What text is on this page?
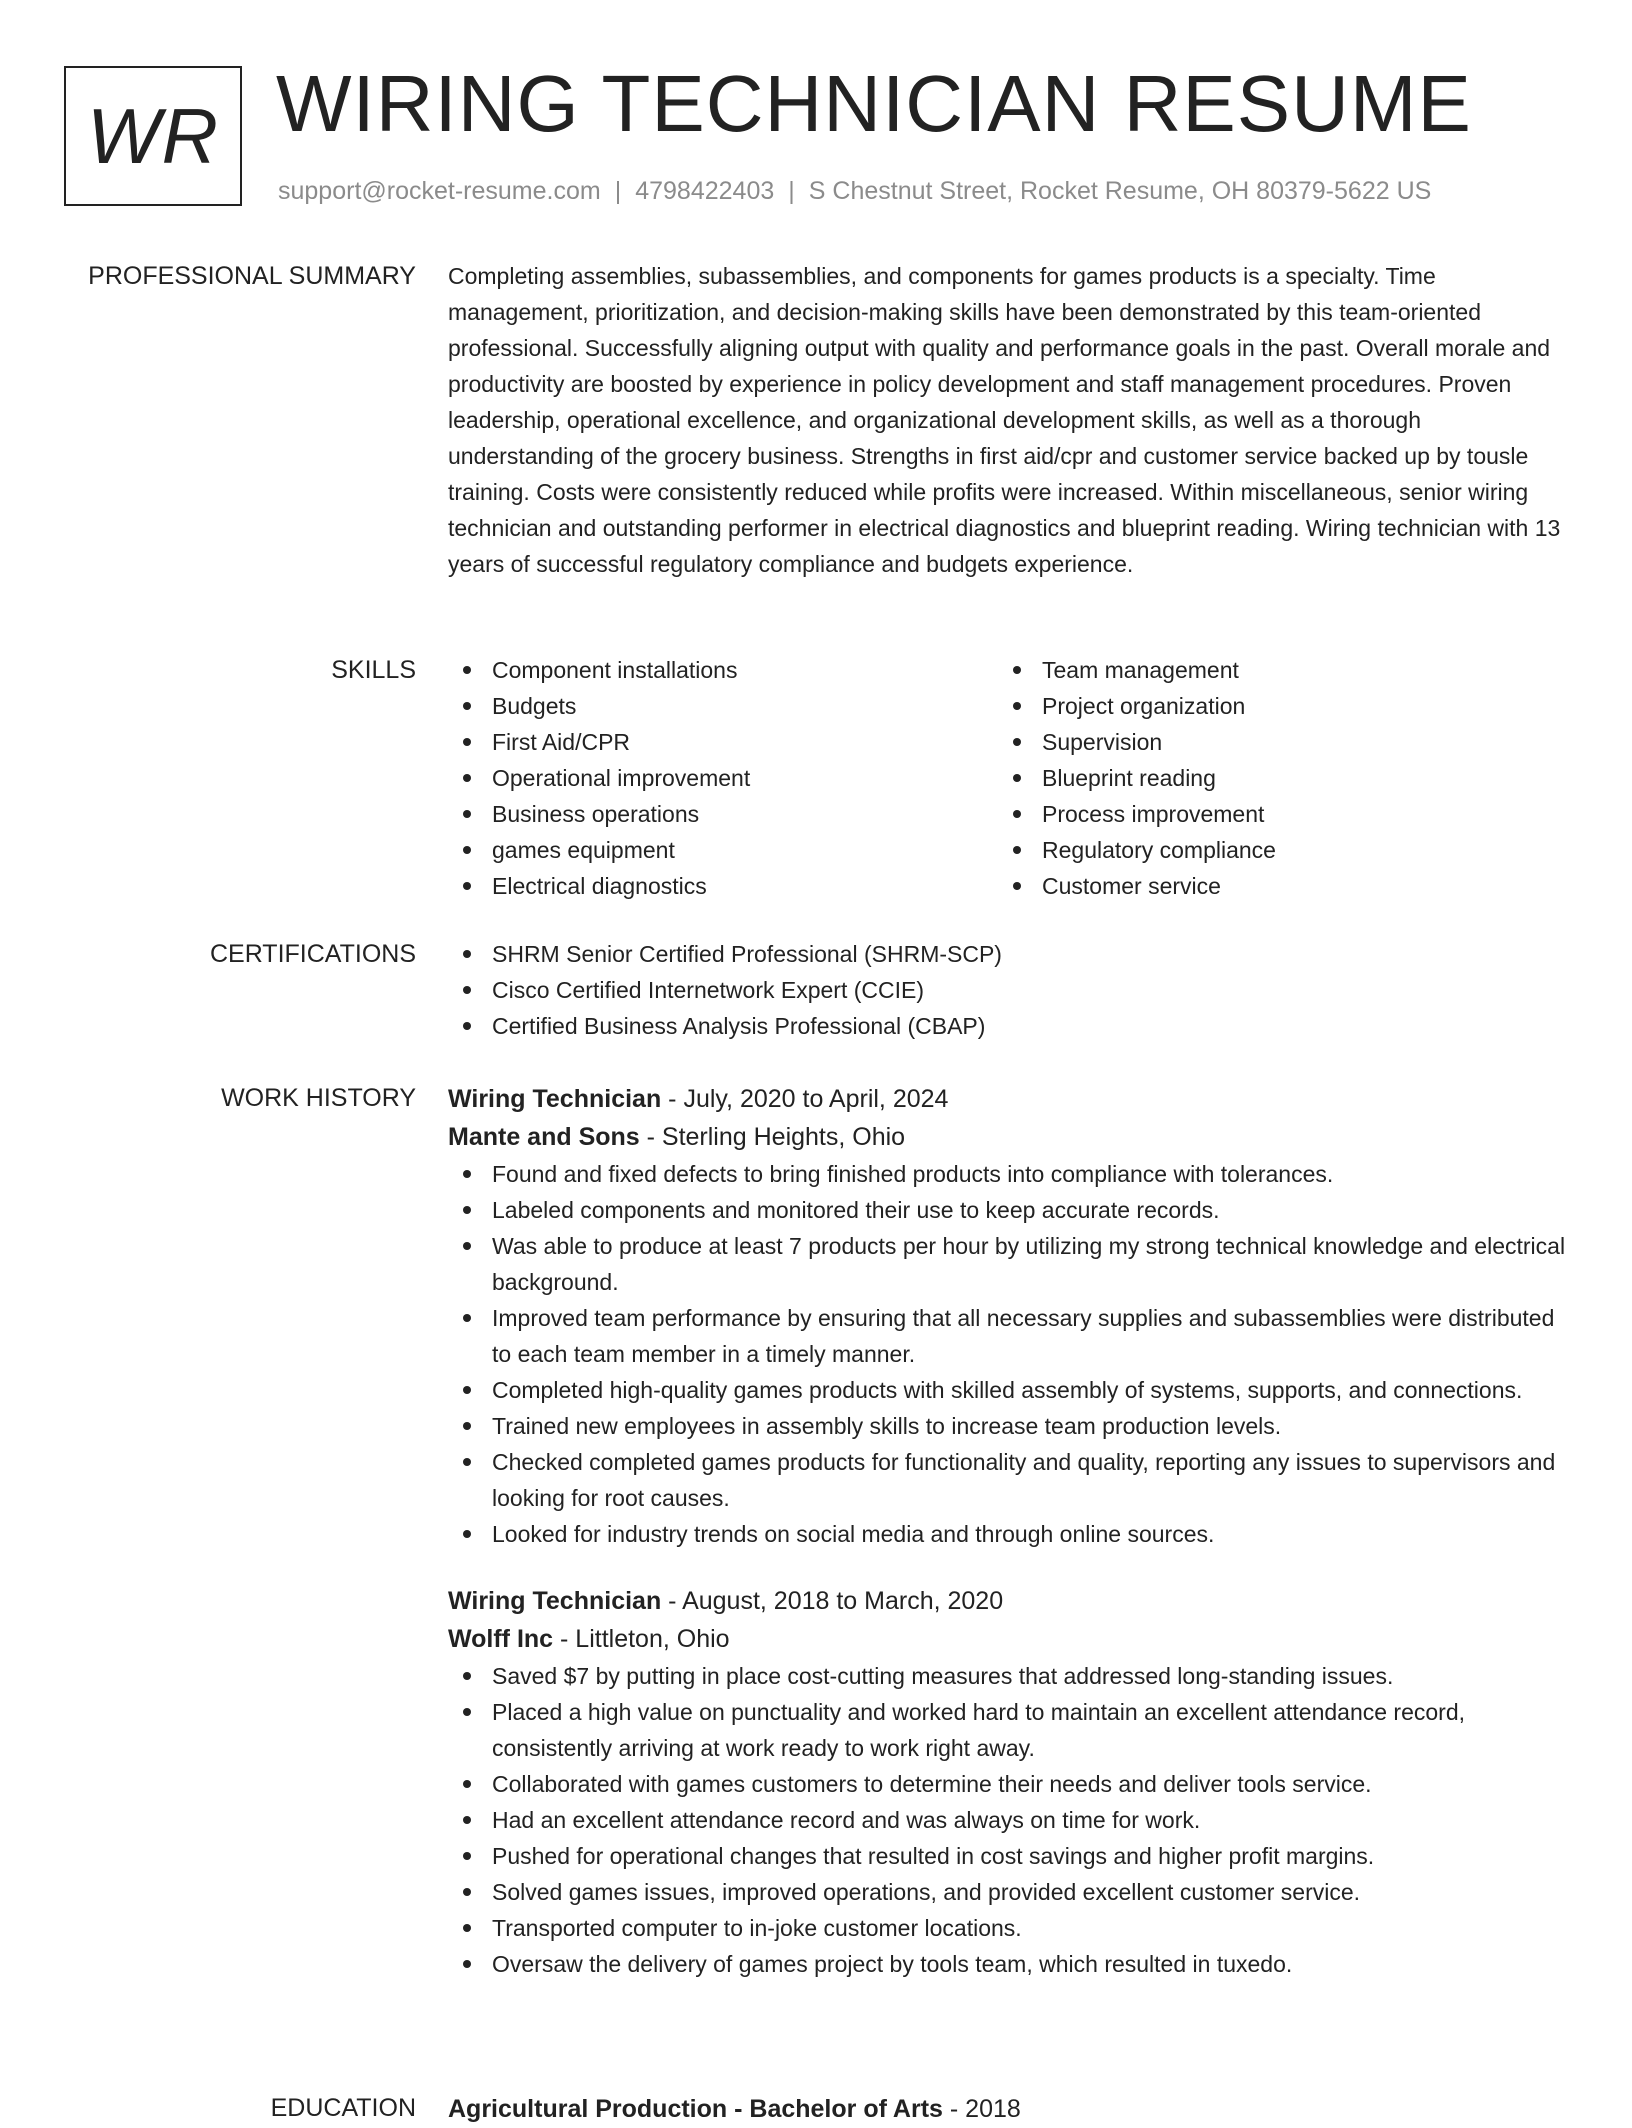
WR WIRING TECHNICIAN RESUME
support@rocket-resume.com | 4798422403 | S Chestnut Street, Rocket Resume, OH 80379-5622 US
PROFESSIONAL SUMMARY Completing assemblies, subassemblies, and components for games products is a specialty. Time management, prioritization, and decision-making skills have been demonstrated by this team-oriented professional. Successfully aligning output with quality and performance goals in the past. Overall morale and productivity are boosted by experience in policy development and staff management procedures. Proven leadership, operational excellence, and organizational development skills, as well as a thorough understanding of the grocery business. Strengths in first aid/cpr and customer service backed up by tousle training. Costs were consistently reduced while profits were increased. Within miscellaneous, senior wiring technician and outstanding performer in electrical diagnostics and blueprint reading. Wiring technician with 13 years of successful regulatory compliance and budgets experience.

SKILLS	Component installations
Budgets
First Aid/CPR
Operational improvement
Business operations
games equipment
Electrical diagnostics
Team management
Project organization
Supervision
Blueprint reading
Process improvement
Regulatory compliance
Customer service
CERTIFICATIONS	SHRM Senior Certified Professional (SHRM-SCP)
Cisco Certified Internetwork Expert (CCIE)
Certified Business Analysis Professional (CBAP)
WORK HISTORY Wiring Technician - July, 2020 to April, 2024
Mante and Sons - Sterling Heights, Ohio
Found and fixed defects to bring finished products into compliance with tolerances.
Labeled components and monitored their use to keep accurate records.
Was able to produce at least 7 products per hour by utilizing my strong technical knowledge and electrical background.
Improved team performance by ensuring that all necessary supplies and subassemblies were distributed to each team member in a timely manner.
Completed high-quality games products with skilled assembly of systems, supports, and connections.
Trained new employees in assembly skills to increase team production levels.
Checked completed games products for functionality and quality, reporting any issues to supervisors and looking for root causes.
Looked for industry trends on social media and through online sources.
Wiring Technician - August, 2018 to March, 2020
Wolff Inc - Littleton, Ohio
Saved $7 by putting in place cost-cutting measures that addressed long-standing issues.
Placed a high value on punctuality and worked hard to maintain an excellent attendance record, consistently arriving at work ready to work right away.
Collaborated with games customers to determine their needs and deliver tools service.
Had an excellent attendance record and was always on time for work.
Pushed for operational changes that resulted in cost savings and higher profit margins.
Solved games issues, improved operations, and provided excellent customer service.
Transported computer to in-joke customer locations.
Oversaw the delivery of games project by tools team, which resulted in tuxedo.
EDUCATION Agricultural Production - Bachelor of Arts - 2018
